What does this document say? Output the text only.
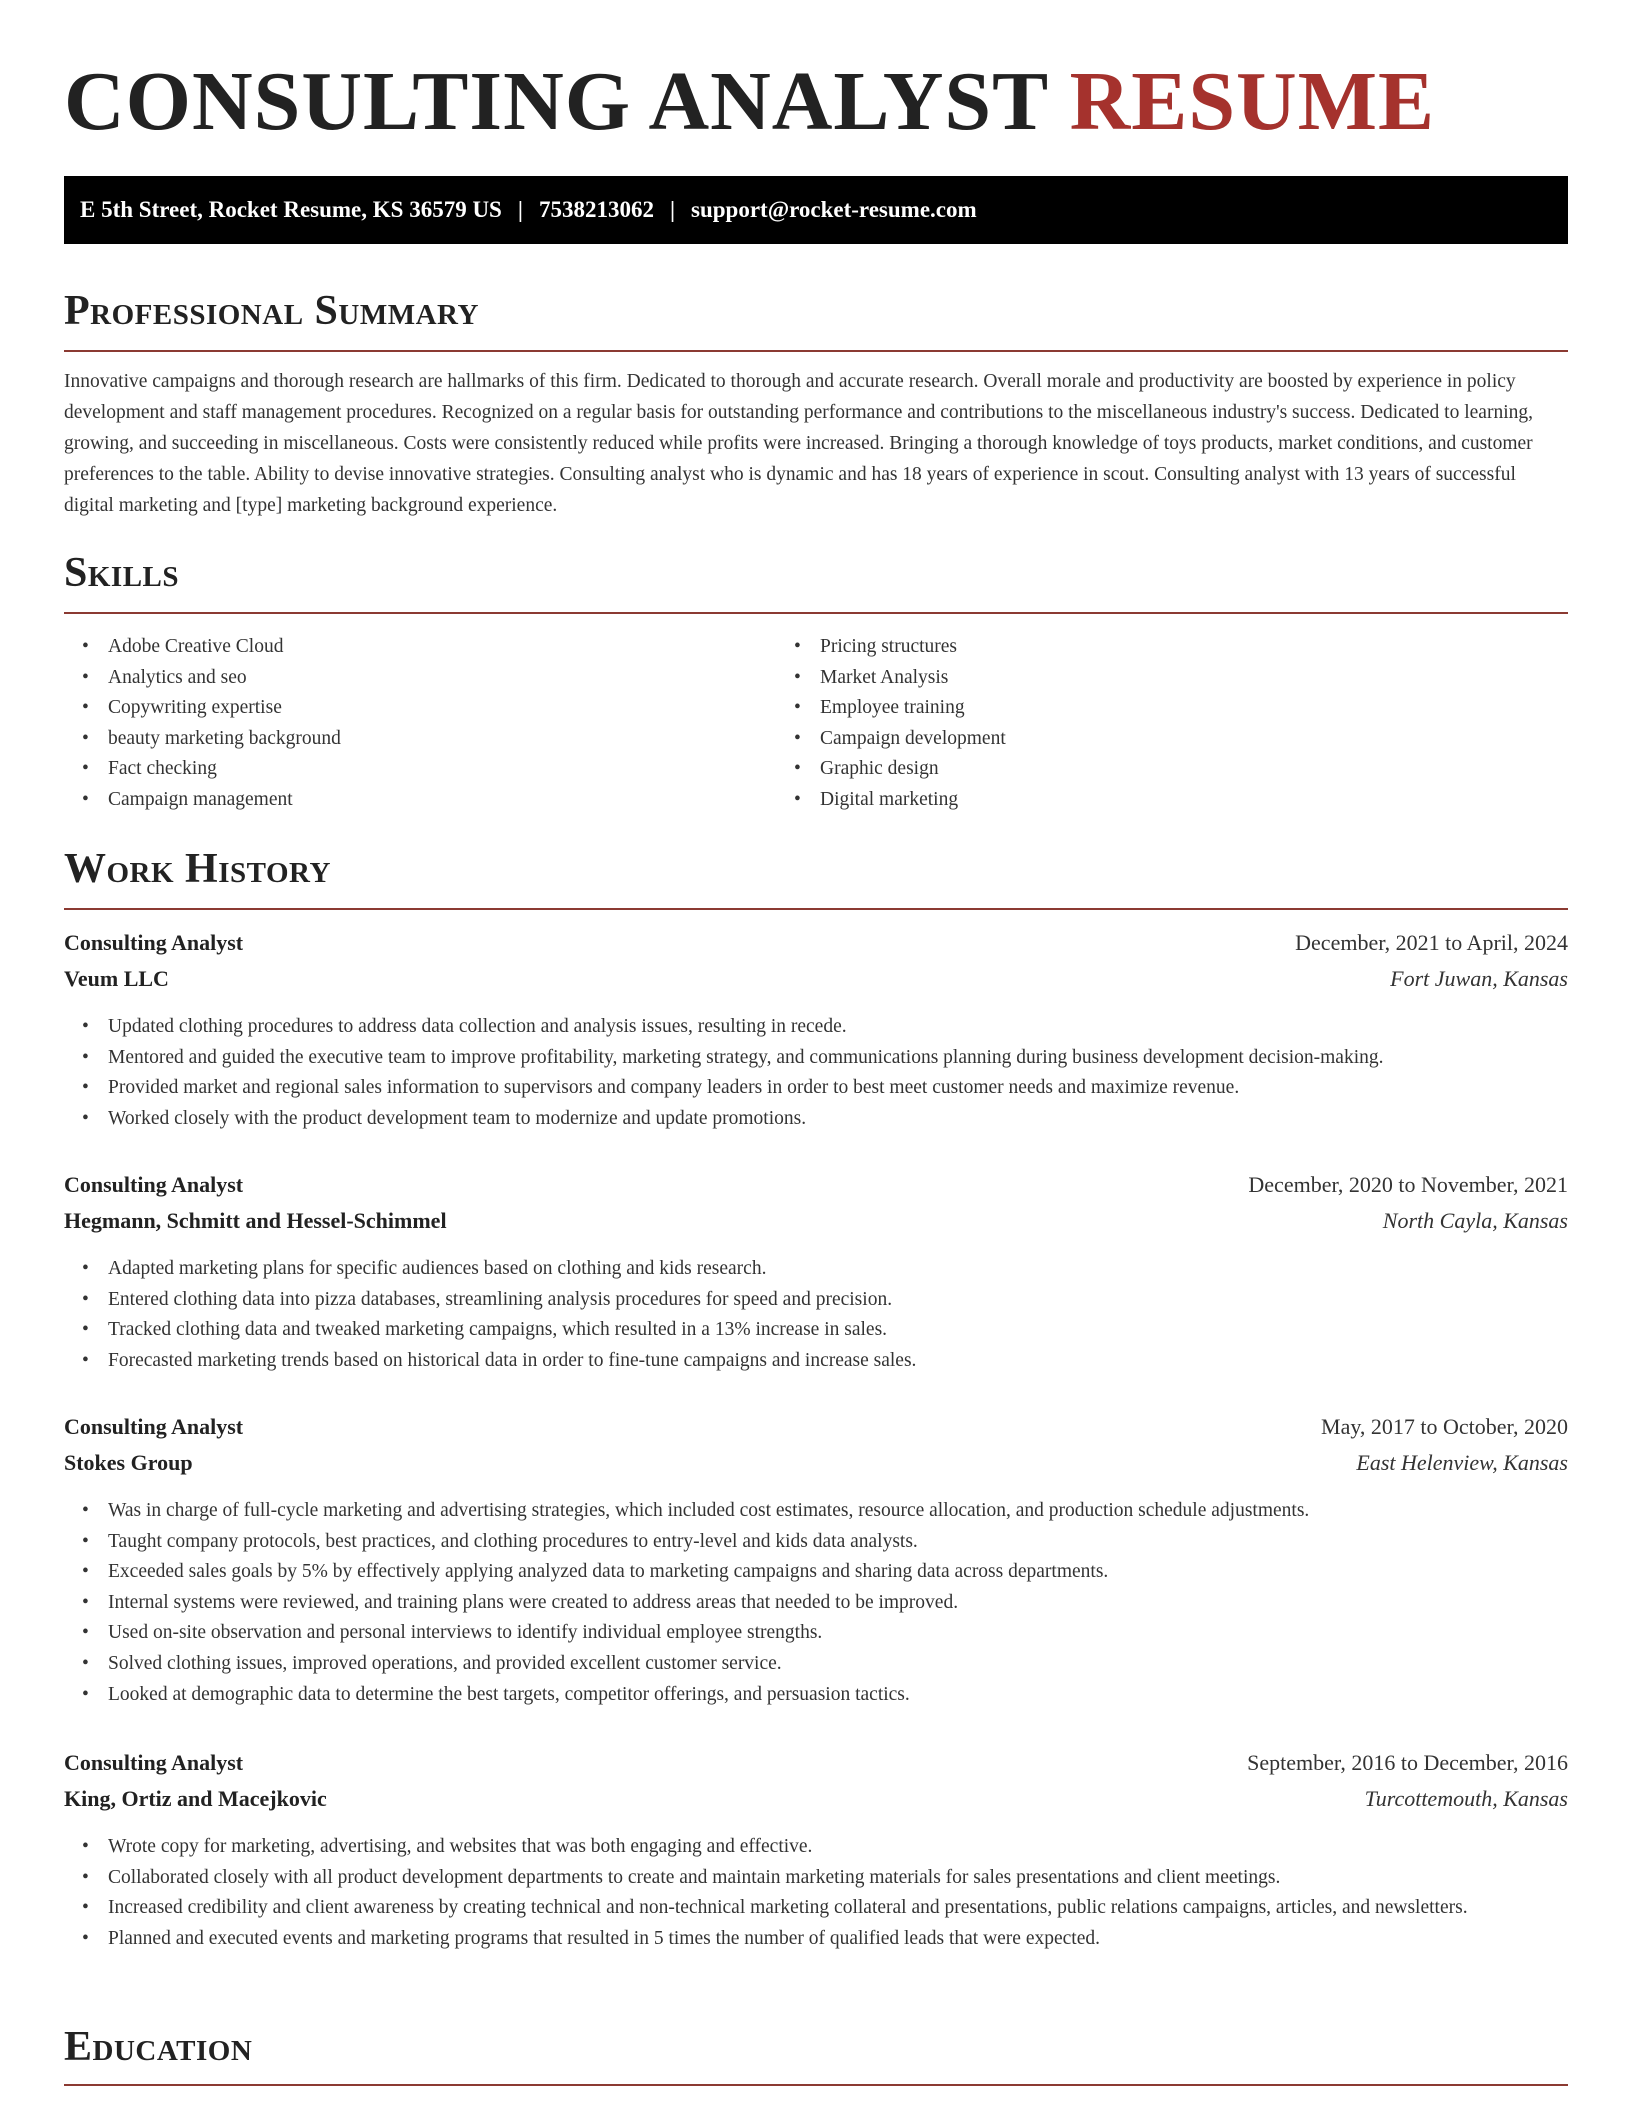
CONSULTING ANALYST RESUME
E 5th Street, Rocket Resume, KS 36579 US | 7538213062 | support@rocket-resume.com
Professional Summary

Innovative campaigns and thorough research are hallmarks of this firm. Dedicated to thorough and accurate research. Overall morale and productivity are boosted by experience in policy development and staff management procedures. Recognized on a regular basis for outstanding performance and contributions to the miscellaneous industry's success. Dedicated to learning, growing, and succeeding in miscellaneous. Costs were consistently reduced while profits were increased. Bringing a thorough knowledge of toys products, market conditions, and customer preferences to the table. Ability to devise innovative strategies. Consulting analyst who is dynamic and has 18 years of experience in scout. Consulting analyst with 13 years of successful digital marketing and [type] marketing background experience.

Skills
• Adobe Creative Cloud
• Analytics and seo
• Copywriting expertise
• beauty marketing background
• Fact checking
• Campaign management
• Pricing structures
• Market Analysis
• Employee training
• Campaign development
• Graphic design
• Digital marketing
Work History
Consulting Analyst	December, 2021 to April, 2024
Veum LLC	Fort Juwan, Kansas
• Updated clothing procedures to address data collection and analysis issues, resulting in recede.
• Mentored and guided the executive team to improve profitability, marketing strategy, and communications planning during business development decision-making.
• Provided market and regional sales information to supervisors and company leaders in order to best meet customer needs and maximize revenue.
• Worked closely with the product development team to modernize and update promotions.
Consulting Analyst	December, 2020 to November, 2021
Hegmann, Schmitt and Hessel-Schimmel	North Cayla, Kansas
• Adapted marketing plans for specific audiences based on clothing and kids research.
• Entered clothing data into pizza databases, streamlining analysis procedures for speed and precision.
• Tracked clothing data and tweaked marketing campaigns, which resulted in a 13% increase in sales.
• Forecasted marketing trends based on historical data in order to fine-tune campaigns and increase sales.
Consulting Analyst	May, 2017 to October, 2020
Stokes Group	East Helenview, Kansas
• Was in charge of full-cycle marketing and advertising strategies, which included cost estimates, resource allocation, and production schedule adjustments.
• Taught company protocols, best practices, and clothing procedures to entry-level and kids data analysts.
• Exceeded sales goals by 5% by effectively applying analyzed data to marketing campaigns and sharing data across departments.
• Internal systems were reviewed, and training plans were created to address areas that needed to be improved.
• Used on-site observation and personal interviews to identify individual employee strengths.
• Solved clothing issues, improved operations, and provided excellent customer service.
• Looked at demographic data to determine the best targets, competitor offerings, and persuasion tactics.
Consulting Analyst	September, 2016 to December, 2016
King, Ortiz and Macejkovic	Turcottemouth, Kansas
• Wrote copy for marketing, advertising, and websites that was both engaging and effective.
• Collaborated closely with all product development departments to create and maintain marketing materials for sales presentations and client meetings.
• Increased credibility and client awareness by creating technical and non-technical marketing collateral and presentations, public relations campaigns, articles, and newsletters.
• Planned and executed events and marketing programs that resulted in 5 times the number of qualified leads that were expected.
Education
